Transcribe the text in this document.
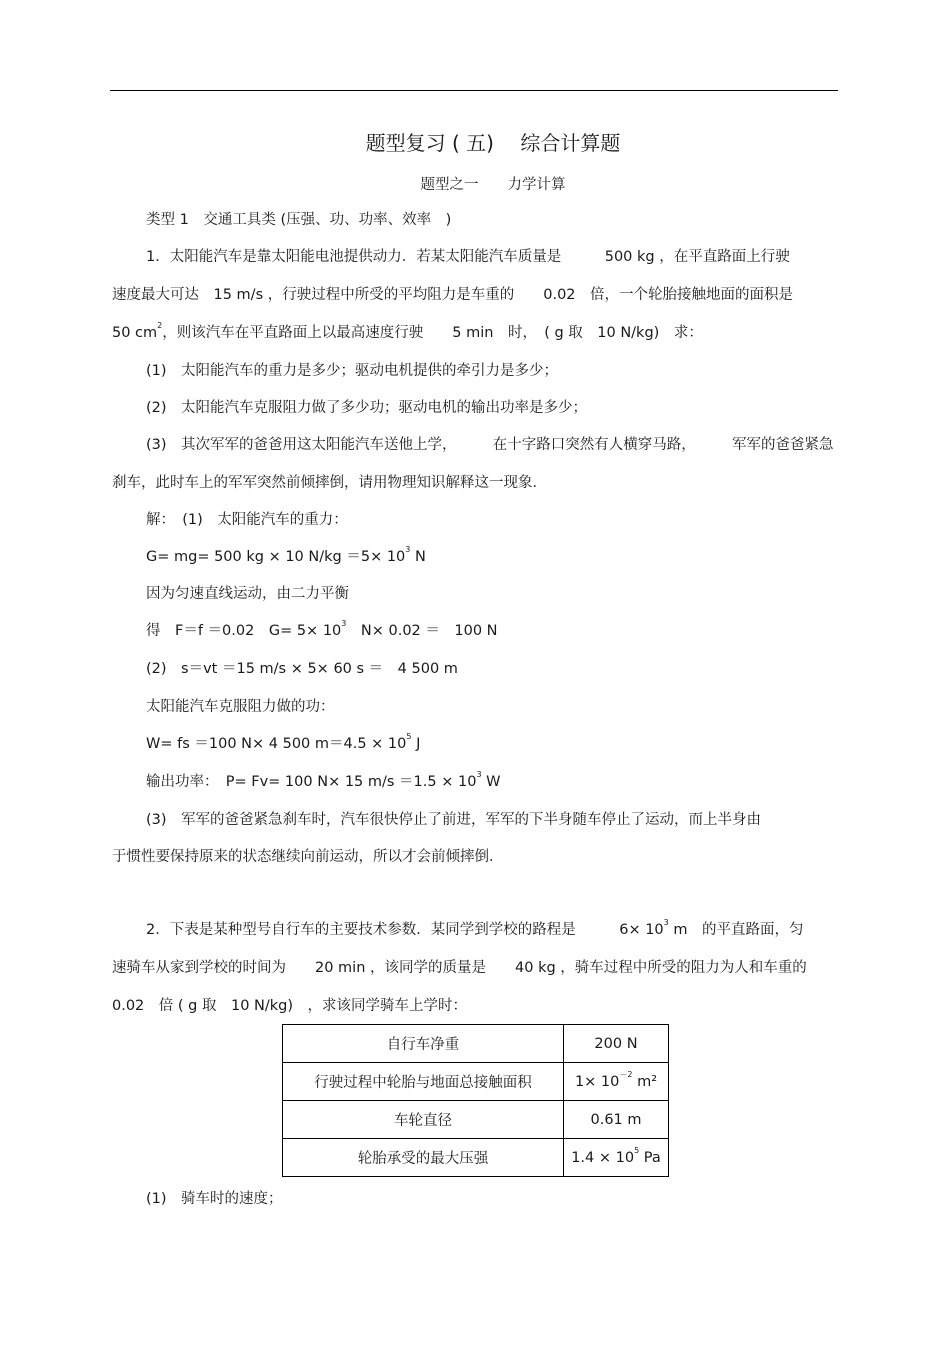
题型复习 ( 五)　 综合计算题
题型之一　　力学计算
类型 1　交通工具类 (压强、功、功率、效率　)
1．太阳能汽车是靠太阳能电池提供动力．若某太阳能汽车质量是　　　500 kg ，在平直路面上行驶
速度最大可达　15 m/s ，行驶过程中所受的平均阻力是车重的　　0.02　倍，一个轮胎接触地面的面积是
50 $cm^2$，则该汽车在平直路面上以最高速度行驶　　5 min　时，　( g 取　10 N/kg)　求：
(1)　太阳能汽车的重力是多少；驱动电机提供的牵引力是多少；
(2)　太阳能汽车克服阻力做了多少功；驱动电机的输出功率是多少；
(3)　其次军军的爸爸用这太阳能汽车送他上学，　　　在十字路口突然有人横穿马路，　　　军军的爸爸紧急
刹车，此时车上的军军突然前倾摔倒，请用物理知识解释这一现象．
解：　(1)　太阳能汽车的重力：
G= mg= 500 kg × 10 $N/kg =5\times 10^3$ N
因为匀速直线运动，由二力平衡
得　F＝f ＝0.02　$G= 5\times 10^3$　N× 0.02 ＝　100 N
(2)　s＝vt ＝15 m/s × 5× 60 s ＝　4 500 m
太阳能汽车克服阻力做的功：
W= fs ＝100 N× 4 500 $m=4.5 \times 10^5$ J
输出功率：　P= Fv= 100 N× 15 $m/s =1.5 \times 10^3$ W
(3)　军军的爸爸紧急刹车时，汽车很快停止了前进，军军的下半身随车停止了运动，而上半身由
于惯性要保持原来的状态继续向前运动，所以才会前倾摔倒．
2．下表是某种型号自行车的主要技术参数．某同学到学校的路程是　　　$6\times 10^3$ m　的平直路面，匀
速骑车从家到学校的时间为　　20 min ，该同学的质量是　　40 kg ，骑车过程中所受的阻力为人和车重的
0.02　倍 ( g 取　10 N/kg)　，求该同学骑车上学时：
自行车净重	200 N
行驶过程中轮胎与地面总接触面积	$1\times 10^{-2}$ m²
车轮直径	0.61 m
轮胎承受的最大压强	$1.4 \times 10^5$ Pa
(1)　骑车时的速度；
